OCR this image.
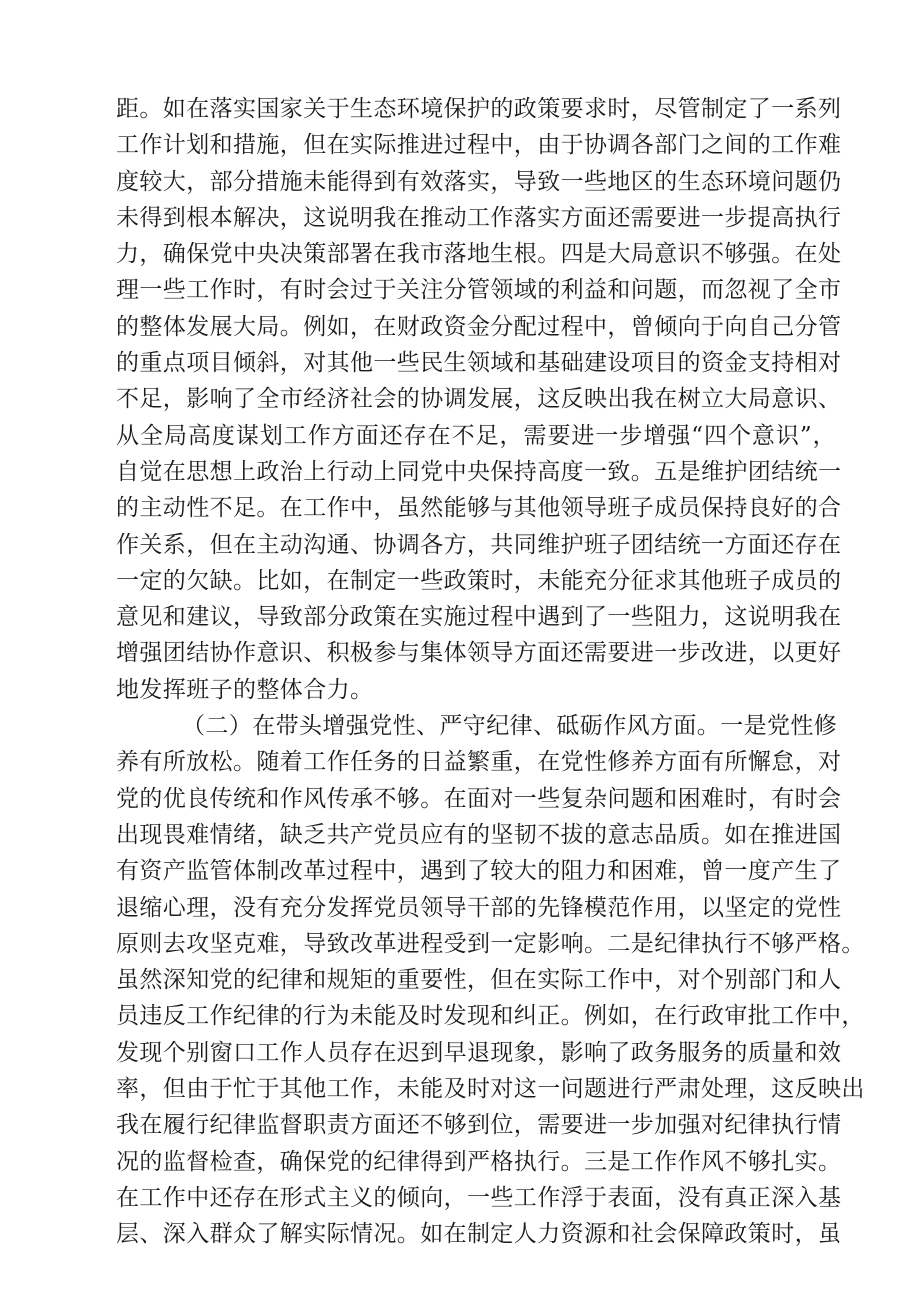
距。如在落实国家关于生态环境保护的政策要求时，尽管制定了一系列
工作计划和措施，但在实际推进过程中，由于协调各部门之间的工作难
度较大，部分措施未能得到有效落实，导致一些地区的生态环境问题仍
未得到根本解决，这说明我在推动工作落实方面还需要进一步提高执行
力，确保党中央决策部署在我市落地生根。四是大局意识不够强。在处
理一些工作时，有时会过于关注分管领域的利益和问题，而忽视了全市
的整体发展大局。例如，在财政资金分配过程中，曾倾向于向自己分管
的重点项目倾斜，对其他一些民生领域和基础建设项目的资金支持相对
不足，影响了全市经济社会的协调发展，这反映出我在树立大局意识、
从全局高度谋划工作方面还存在不足，需要进一步增强“四个意识”，
自觉在思想上政治上行动上同党中央保持高度一致。五是维护团结统一
的主动性不足。在工作中，虽然能够与其他领导班子成员保持良好的合
作关系，但在主动沟通、协调各方，共同维护班子团结统一方面还存在
一定的欠缺。比如，在制定一些政策时，未能充分征求其他班子成员的
意见和建议，导致部分政策在实施过程中遇到了一些阻力，这说明我在
增强团结协作意识、积极参与集体领导方面还需要进一步改进，以更好
地发挥班子的整体合力。
（二）在带头增强党性、严守纪律、砥砺作风方面。一是党性修
养有所放松。随着工作任务的日益繁重，在党性修养方面有所懈怠，对
党的优良传统和作风传承不够。在面对一些复杂问题和困难时，有时会
出现畏难情绪，缺乏共产党员应有的坚韧不拔的意志品质。如在推进国
有资产监管体制改革过程中，遇到了较大的阻力和困难，曾一度产生了
退缩心理，没有充分发挥党员领导干部的先锋模范作用，以坚定的党性
原则去攻坚克难，导致改革进程受到一定影响。二是纪律执行不够严格。
虽然深知党的纪律和规矩的重要性，但在实际工作中，对个别部门和人
员违反工作纪律的行为未能及时发现和纠正。例如，在行政审批工作中，
发现个别窗口工作人员存在迟到早退现象，影响了政务服务的质量和效
率，但由于忙于其他工作，未能及时对这一问题进行严肃处理，这反映出
我在履行纪律监督职责方面还不够到位，需要进一步加强对纪律执行情
况的监督检查，确保党的纪律得到严格执行。三是工作作风不够扎实。
在工作中还存在形式主义的倾向，一些工作浮于表面，没有真正深入基
层、深入群众了解实际情况。如在制定人力资源和社会保障政策时，虽
